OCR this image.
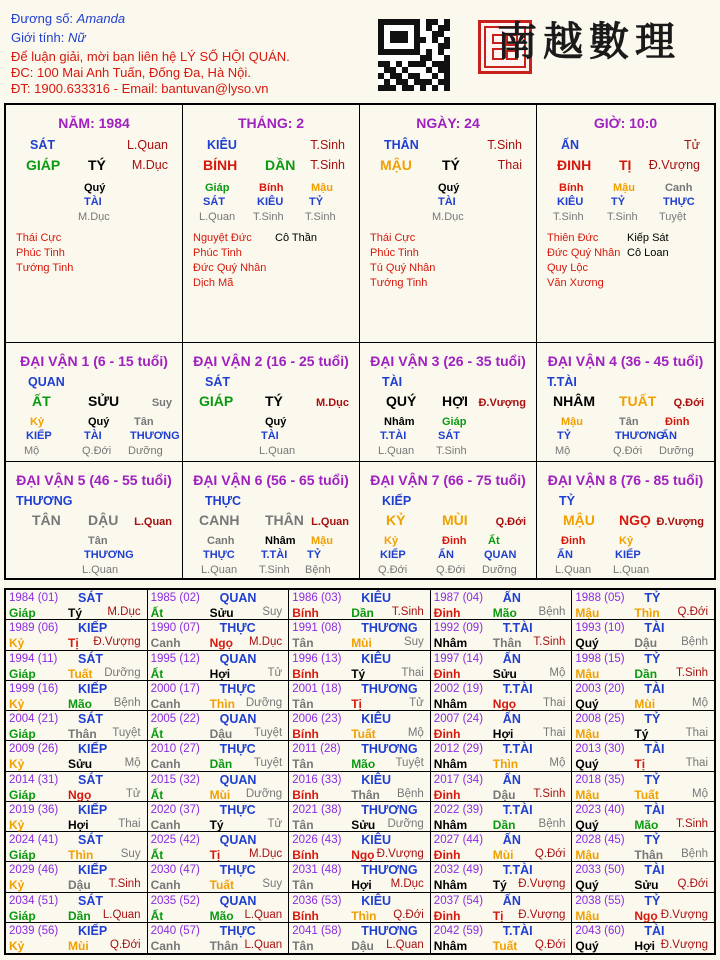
Đương số: Amanda
Giới tính: Nữ
Để luận giải, mời bạn liên hệ LÝ SỐ HỘI QUÁN.
ĐC: 100 Mai Anh Tuấn, Đống Đa, Hà Nội.
ĐT: 1900.633316 - Email: bantuvan@lyso.vn
南越數理
NĂM: 1984
SÁT	L.Quan
GIÁP TÝ M.Dục
Quý
TÀI
M.Dục
Thái Cực
Phúc Tinh
Tướng Tinh
THÁNG: 2
KIÊU	T.Sinh
BÍNH DẦN T.Sinh
Giáp
SÁT
L.Quan
Bính
KIÊU
T.Sinh
Mậu
TỶ
T.Sinh
Nguyệt Đức
Phúc Tinh
Đức Quý Nhân
Dịch Mã
Cô Thần
NGÀY: 24
THÂN	T.Sinh
MẬU TÝ	Thai
Quý
TÀI
M.Dục
Thái Cực
Phúc Tinh
Tú Quý Nhân
Tướng Tinh
GIỜ: 10:0
ẤN	Tử
ĐINH TỊ Đ.Vượng
Bính
KIÊU
T.Sinh
Mậu
TỶ
T.Sinh
Canh
THỰC
Tuyệt
Thiên Đức
Đức Quý Nhân
Quy Lộc
Văn Xương
Kiếp Sát
Cô Loan
ĐẠI VẬN 1 (6 - 15 tuổi)
QUAN
ẤT	SỬU	Suy
Kỷ
KIẾP
Mộ
Quý
TÀI
Q.Đới
Tân
THƯƠNG
Dưỡng
ĐẠI VẬN 2 (16 - 25 tuổi)
SÁT
GIÁP TÝ	M.Dục
Quý
TÀI
L.Quan
ĐẠI VẬN 3 (26 - 35 tuổi)
TÀI
QUÝ HỢI Đ.Vượng
Nhâm
T.TÀI
L.Quan
Giáp
SÁT
T.Sinh
ĐẠI VẬN 4 (36 - 45 tuổi)
T.TÀI
NHÂM TUẤT Q.Đới
Mậu
TỶ
Mộ
Tân
THƯƠNG
Q.Đới
Đinh
ẤN
Dưỡng
ĐẠI VẬN 5 (46 - 55 tuổi)
THƯƠNG
TÂN DẬU L.Quan
Tân
THƯƠNG
L.Quan
ĐẠI VẬN 6 (56 - 65 tuổi)
THỰC
CANH THÂN L.Quan
Canh
THỰC
L.Quan
Nhâm
T.TÀI
T.Sinh
Mậu
TỶ
Bệnh
ĐẠI VẬN 7 (66 - 75 tuổi)
KIẾP
KỶ	MÙI	Q.Đới
Kỷ
KIẾP
Q.Đới
Đinh
ẤN
Q.Đới
Ất
QUAN
Dưỡng
ĐẠI VẬN 8 (76 - 85 tuổi)
TỶ
MẬU NGỌ Đ.Vượng
Đinh
ẤN
L.Quan
Kỷ
KIẾP
L.Quan
1984 (01) SÁT
Giáp	Tý M.Dục
1985 (02) QUAN
Ất	Sửu Suy
1986 (03) KIÊU
Bính	Dần T.Sinh
1987 (04) ẤN
Đinh	Mão Bệnh
1988 (05) TỶ
Mậu	Thìn Q.Đới
1989 (06) KIẾP
Kỷ	Tị Đ.Vượng
1990 (07) THỰC
Canh Ngọ M.Dục
1991 (08) THƯƠNG
Tân	Mùi	Suy
1992 (09) T.TÀI
Nhâm Thân T.Sinh
1993 (10) TÀI
Quý	Dậu Bệnh
1994 (11) SÁT
Giáp	Tuất Dưỡng
1995 (12) QUAN
Ất	Hợi	Tử
1996 (13) KIÊU
Bính	Tý	Thai
1997 (14) ẤN
Đinh	Sửu	Mộ
1998 (15) TỶ
Mậu	Dần T.Sinh
1999 (16) KIẾP
Kỷ	Mão Bệnh
2000 (17) THỰC
Canh Thìn Dưỡng
2001 (18) THƯƠNG
Tân	Tị	Tử
2002 (19) T.TÀI
Nhâm Ngọ Thai
2003 (20) TÀI
Quý	Mùi	Mộ
2004 (21) SÁT
Giáp	Thân Tuyệt
2005 (22) QUAN
Ất	Dậu Tuyệt
2006 (23) KIÊU
Bính	Tuất	Mộ
2007 (24) ẤN
Đinh	Hợi	Thai
2008 (25) TỶ
Mậu	Tý	Thai
2009 (26) KIẾP
Kỷ	Sửu	Mộ
2010 (27) THỰC
Canh Dần Tuyệt
2011 (28) THƯƠNG
Tân	Mão Tuyệt
2012 (29) T.TÀI
Nhâm Thìn	Mộ
2013 (30) TÀI
Quý	Tị	Thai
2014 (31) SÁT
Giáp	Ngọ	Tử
2015 (32) QUAN
Ất	Mùi Dưỡng
2016 (33) KIÊU
Bính	Thân Bệnh
2017 (34) ẤN
Đinh	Dậu T.Sinh
2018 (35) TỶ
Mậu	Tuất	Mộ
2019 (36) KIẾP
Kỷ	Hợi	Thai
2020 (37) THỰC
Canh Tý	Tử
2021 (38) THƯƠNG
Tân	Sửu Dưỡng
2022 (39) T.TÀI
Nhâm Dần Bệnh
2023 (40) TÀI
Quý	Mão T.Sinh
2024 (41) SÁT
Giáp	Thìn Suy
2025 (42) QUAN
Ất	Tị M.Dục
2026 (43) KIÊU
Bính	Ngọ Đ.Vượng
2027 (44) ẤN
Đinh	Mùi Q.Đới
2028 (45) TỶ
Mậu	Thân Bệnh
2029 (46) KIẾP
Kỷ	Dậu T.Sinh
2030 (47) THỰC
Canh Tuất Suy
2031 (48) THƯƠNG
Tân	Hợi M.Dục
2032 (49) T.TÀI
Nhâm Tý Đ.Vượng
2033 (50) TÀI
Quý	Sửu Q.Đới
2034 (51) SÁT
Giáp	Dần L.Quan
2035 (52) QUAN
Ất	Mão L.Quan
2036 (53) KIÊU
Bính	Thìn Q.Đới
2037 (54) ẤN
Đinh	Tị Đ.Vượng
2038 (55) TỶ
Mậu	Ngọ Đ.Vượng
2039 (56) KIẾP
Kỷ	Mùi Q.Đới
2040 (57) THỰC
Canh Thân L.Quan
2041 (58) THƯƠNG
Tân	Dậu L.Quan
2042 (59) T.TÀI
Nhâm Tuất Q.Đới
2043 (60) TÀI
Quý	Hợi Đ.Vượng
